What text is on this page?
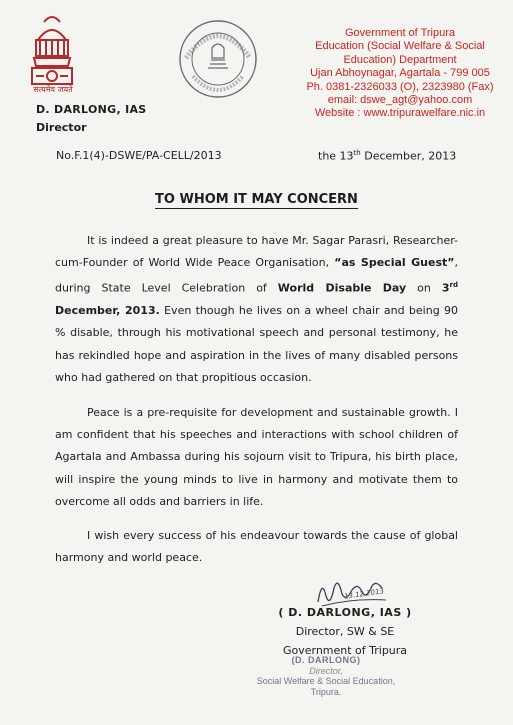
सत्यमेव जयते
D. DARLONG, IAS
Director
Government of Tripura
Education (Social Welfare & Social
Education) Department
Ujan Abhoynagar, Agartala - 799 005
Ph. 0381-2326033 (O), 2323980 (Fax)
email: dswe_agt@yahoo.com
Website : www.tripurawelfare.nic.in
No.F.1(4)-DSWE/PA-CELL/2013	the 13th December, 2013
TO WHOM IT MAY CONCERN
It is indeed a great pleasure to have Mr. Sagar Parasri, Researcher-cum-Founder of World Wide Peace Organisation, “as Special Guest”, during State Level Celebration of World Disable Day on 3rd December, 2013. Even though he lives on a wheel chair and being 90 % disable, through his motivational speech and personal testimony, he has rekindled hope and aspiration in the lives of many disabled persons who had gathered on that propitious occasion.
Peace is a pre-requisite for development and sustainable growth. I am confident that his speeches and interactions with school children of Agartala and Ambassa during his sojourn visit to Tripura, his birth place, will inspire the young minds to live in harmony and motivate them to overcome all odds and barriers in life.
I wish every success of his endeavour towards the cause of global harmony and world peace.
13.12.2013
( D. DARLONG, IAS )
Director, SW & SE
Government of Tripura
(D. DARLONG)
Director,
Social Welfare & Social Education,
Tripura.
